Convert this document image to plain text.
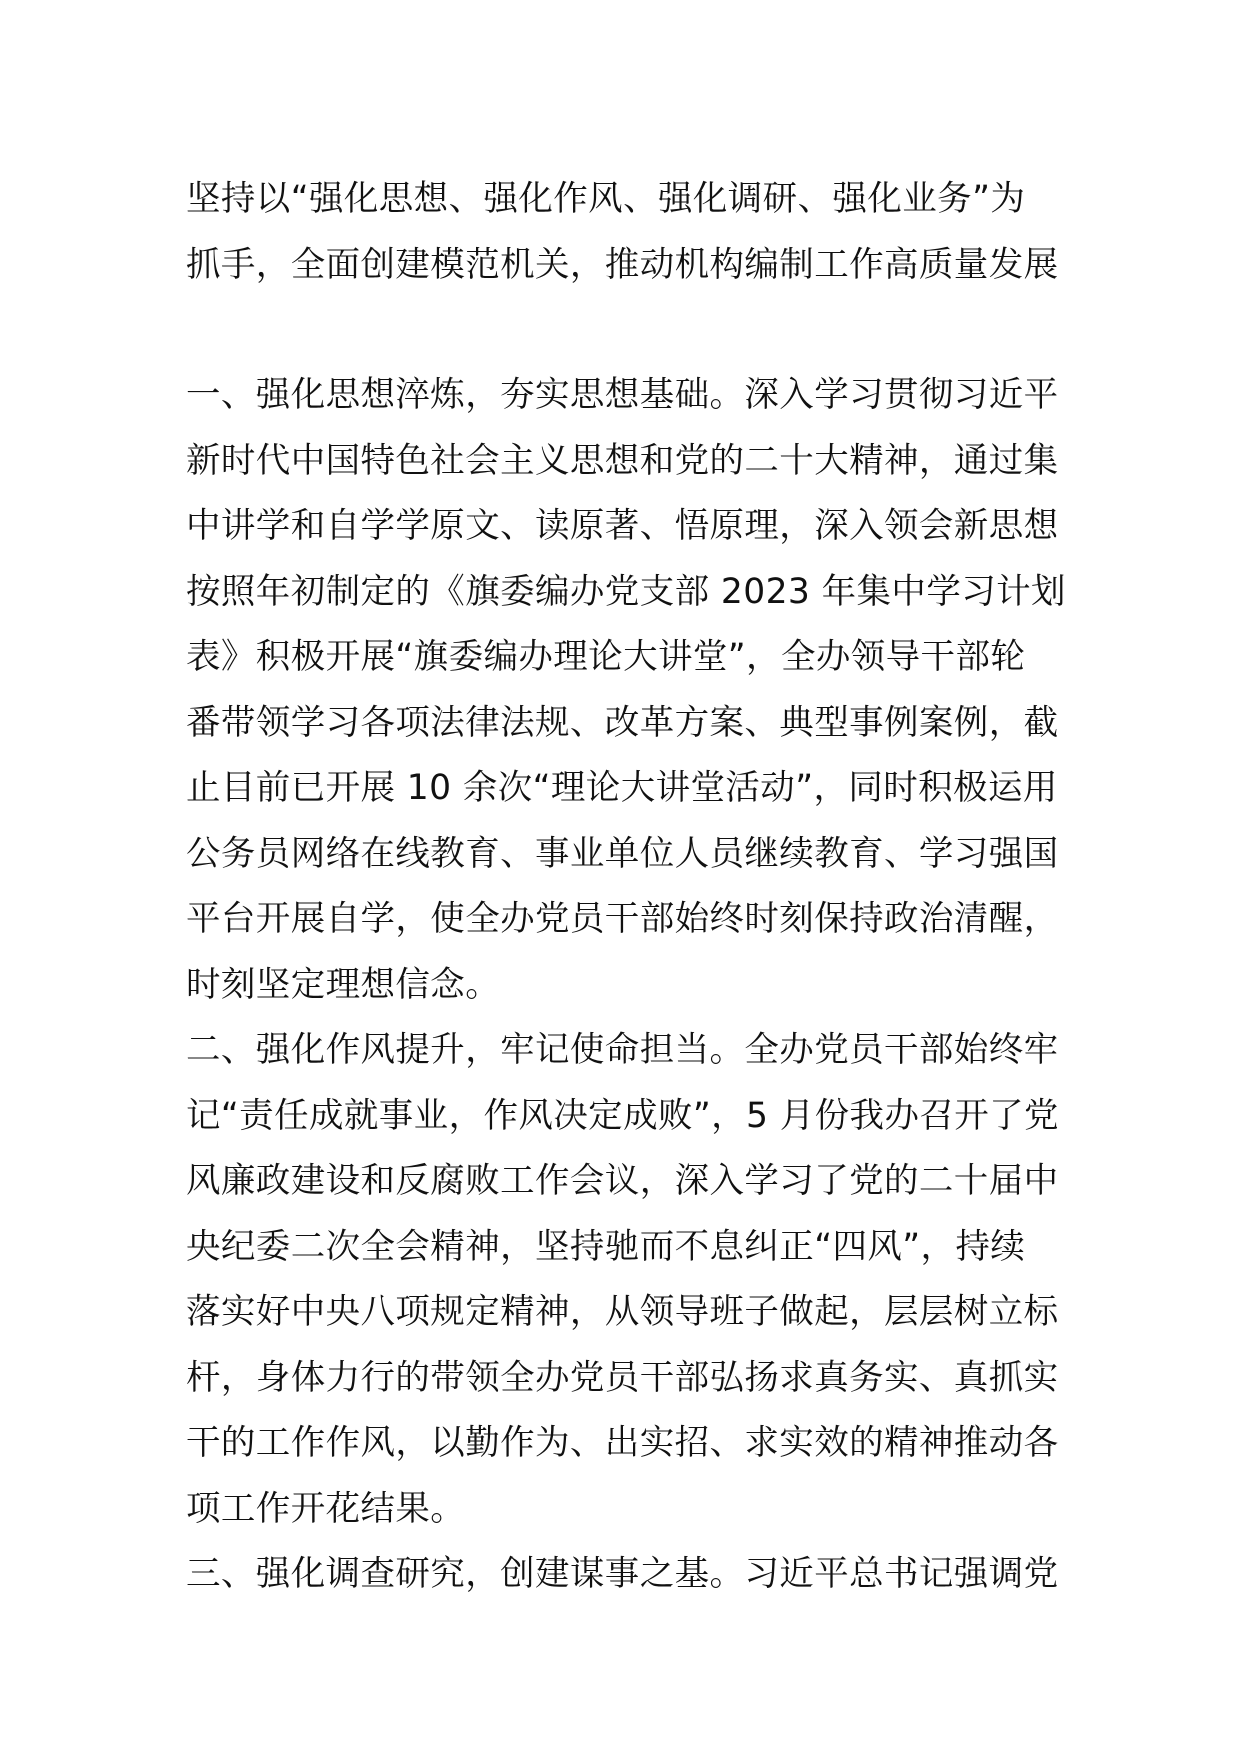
坚持以“强化思想、强化作风、强化调研、强化业务”为
抓手，全面创建模范机关，推动机构编制工作高质量发展
一、强化思想淬炼，夯实思想基础。深入学习贯彻习近平
新时代中国特色社会主义思想和党的二十大精神，通过集
中讲学和自学学原文、读原著、悟原理，深入领会新思想
按照年初制定的《旗委编办党支部 2023 年集中学习计划
表》积极开展“旗委编办理论大讲堂”，全办领导干部轮
番带领学习各项法律法规、改革方案、典型事例案例，截
止目前已开展 10 余次“理论大讲堂活动”，同时积极运用
公务员网络在线教育、事业单位人员继续教育、学习强国
平台开展自学，使全办党员干部始终时刻保持政治清醒，
时刻坚定理想信念。
二、强化作风提升，牢记使命担当。全办党员干部始终牢
记“责任成就事业，作风决定成败”，5 月份我办召开了党
风廉政建设和反腐败工作会议，深入学习了党的二十届中
央纪委二次全会精神，坚持驰而不息纠正“四风”，持续
落实好中央八项规定精神，从领导班子做起，层层树立标
杆，身体力行的带领全办党员干部弘扬求真务实、真抓实
干的工作作风，以勤作为、出实招、求实效的精神推动各
项工作开花结果。
三、强化调查研究，创建谋事之基。习近平总书记强调党
